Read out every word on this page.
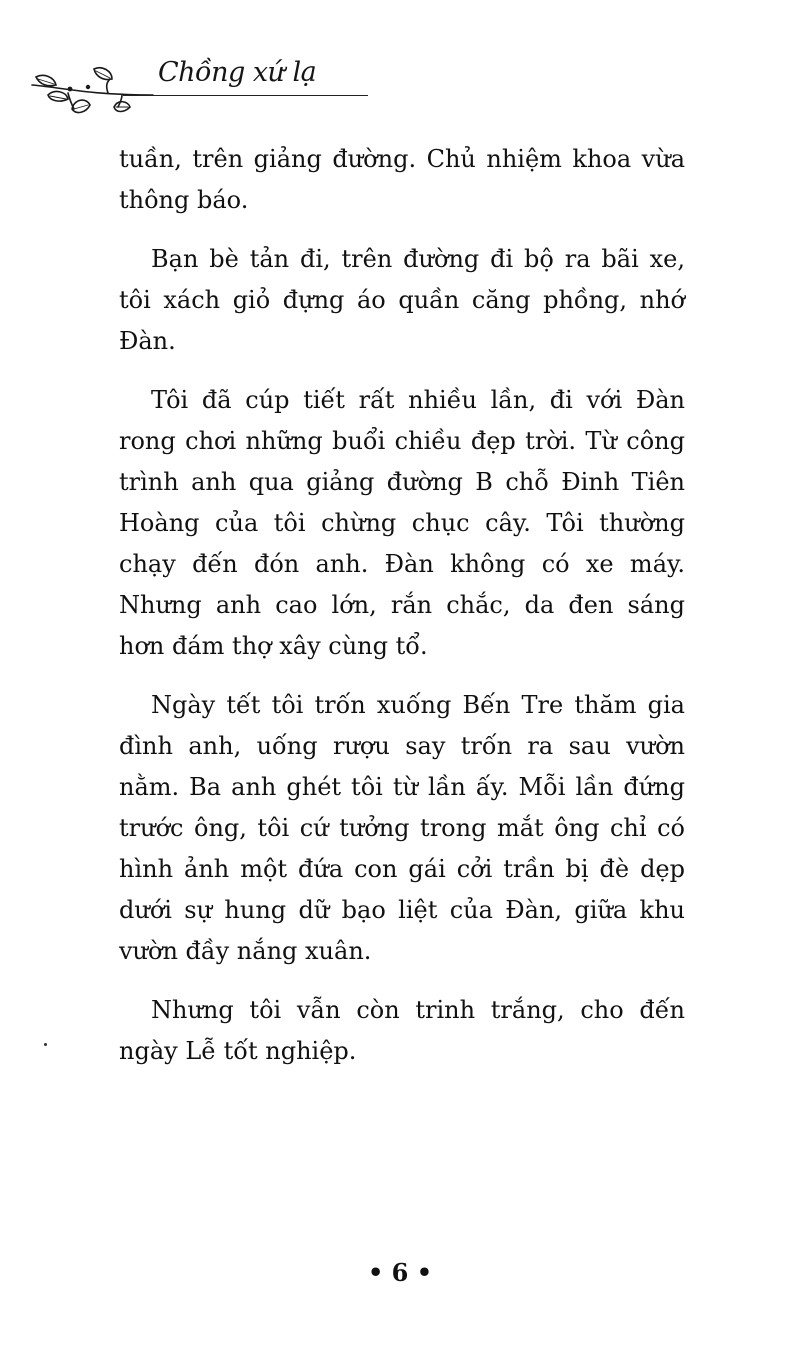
Chồng xứ lạ

tuần, trên giảng đường. Chủ nhiệm khoa vừa thông báo.

Bạn bè tản đi, trên đường đi bộ ra bãi xe, tôi xách giỏ đựng áo quần căng phồng, nhớ Đàn.

Tôi đã cúp tiết rất nhiều lần, đi với Đàn rong chơi những buổi chiều đẹp trời. Từ công trình anh qua giảng đường B chỗ Đinh Tiên Hoàng của tôi chừng chục cây. Tôi thường chạy đến đón anh. Đàn không có xe máy. Nhưng anh cao lớn, rắn chắc, da đen sáng hơn đám thợ xây cùng tổ.

Ngày tết tôi trốn xuống Bến Tre thăm gia đình anh, uống rượu say trốn ra sau vườn nằm. Ba anh ghét tôi từ lần ấy. Mỗi lần đứng trước ông, tôi cứ tưởng trong mắt ông chỉ có hình ảnh một đứa con gái cởi trần bị đè dẹp dưới sự hung dữ bạo liệt của Đàn, giữa khu vườn đầy nắng xuân.

Nhưng tôi vẫn còn trinh trắng, cho đến ngày Lễ tốt nghiệp.

• 6 •
